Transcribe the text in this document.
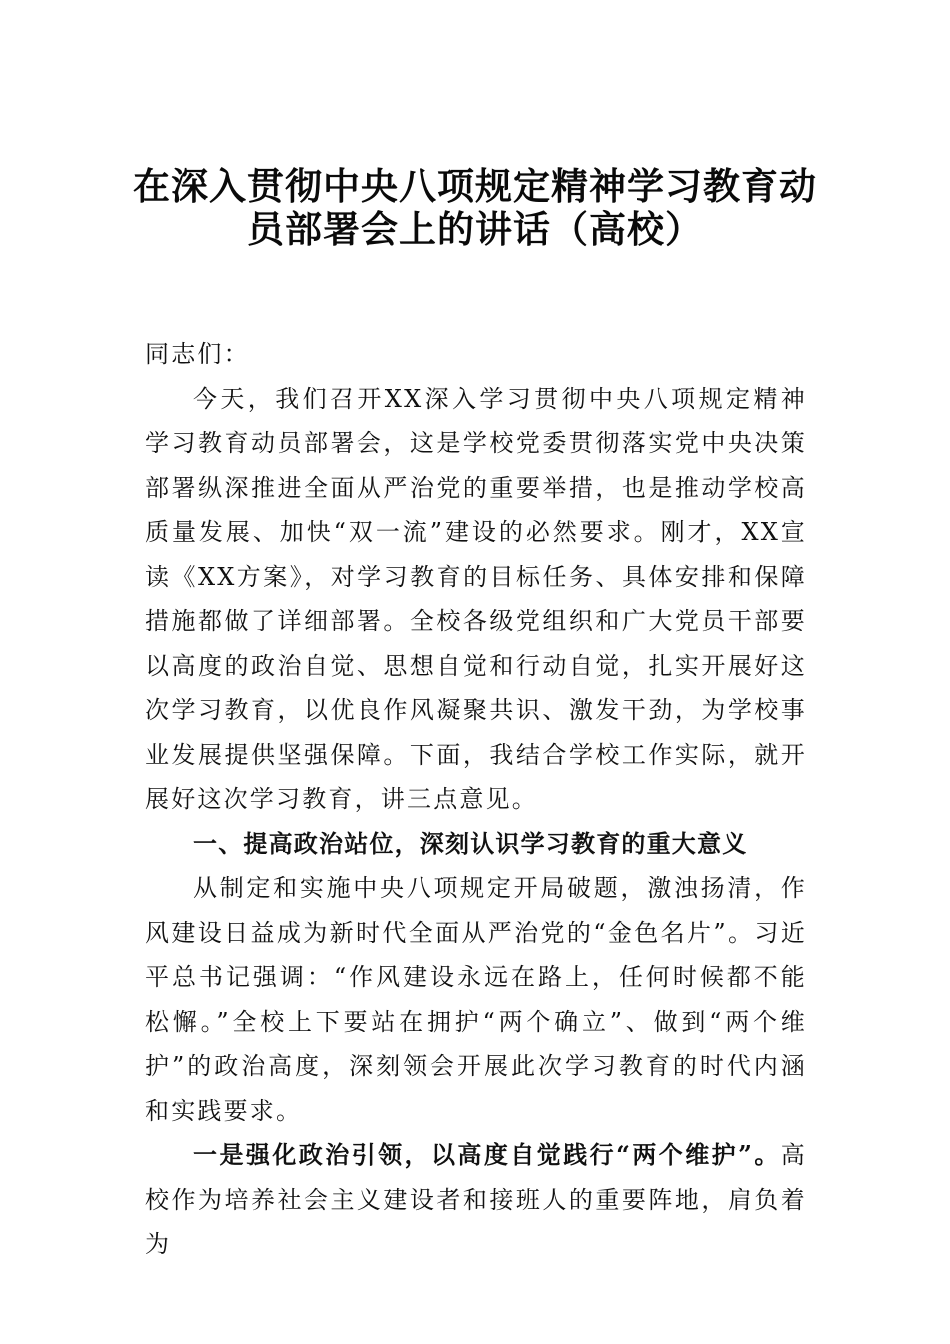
在深入贯彻中央八项规定精神学习教育动
员部署会上的讲话（高校）

同志们：

今天，我们召开XX深入学习贯彻中央八项规定精神学习教育动员部署会，这是学校党委贯彻落实党中央决策部署纵深推进全面从严治党的重要举措，也是推动学校高质量发展、加快“双一流”建设的必然要求。刚才，XX宣读《XX方案》，对学习教育的目标任务、具体安排和保障措施都做了详细部署。全校各级党组织和广大党员干部要以高度的政治自觉、思想自觉和行动自觉，扎实开展好这次学习教育，以优良作风凝聚共识、激发干劲，为学校事业发展提供坚强保障。下面，我结合学校工作实际，就开展好这次学习教育，讲三点意见。

一、提高政治站位，深刻认识学习教育的重大意义

从制定和实施中央八项规定开局破题，激浊扬清，作风建设日益成为新时代全面从严治党的“金色名片”。习近平总书记强调：“作风建设永远在路上，任何时候都不能松懈。”全校上下要站在拥护“两个确立”、做到“两个维护”的政治高度，深刻领会开展此次学习教育的时代内涵和实践要求。

一是强化政治引领，以高度自觉践行“两个维护”。高校作为培养社会主义建设者和接班人的重要阵地，肩负着为
